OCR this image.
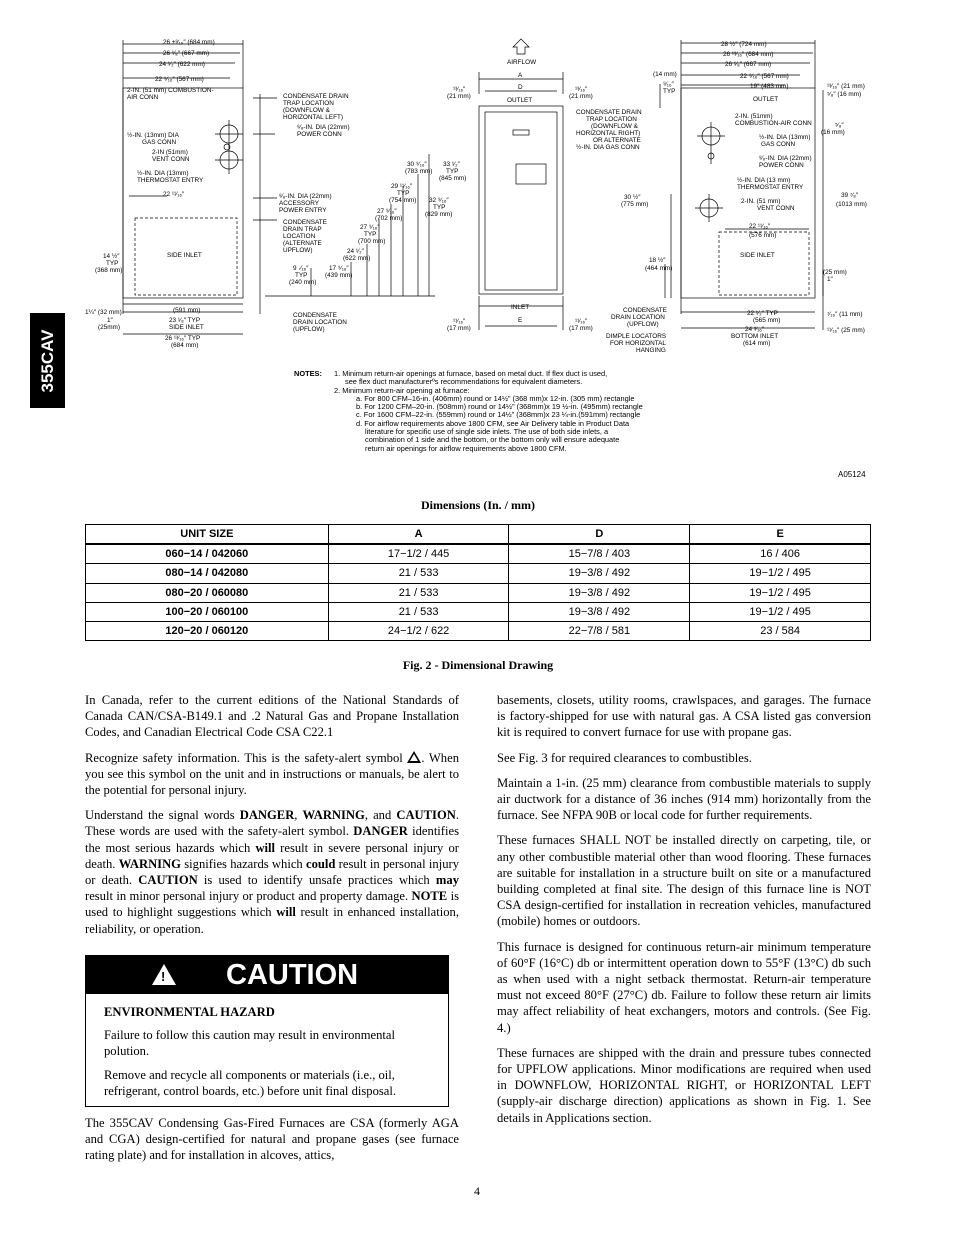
355CAV
26 ±³⁄₁₆″ (684 mm)
26 ¹⁄₈″ (667 mm)
24 ¹⁄₂″ (622 mm)
22 ⁹⁄₁₆″ (567 mm)
2-IN. (51 mm) COMBUSTION-
AIR CONN
½-IN. (13mm) DIA
GAS CONN
2-IN (51mm)
VENT CONN
½-IN. DIA (13mm)
THERMOSTAT ENTRY
22 ¹¹⁄₁₆″
CONDENSATE DRAIN
TRAP LOCATION
(DOWNFLOW &
HORIZONTAL LEFT)
⁸⁄₈-IN. DIA (22mm)
POWER CONN
⁸⁄₈-IN. DIA (22mm)
ACCESSORY
POWER ENTRY
CONDENSATE
DRAIN TRAP
LOCATION
(ALTERNATE
UPFLOW)
30 ⁹⁄₁₆″
(783 mm)
33 ¹⁄₂″
TYP
(845 mm)
29 ¹¹⁄₁₆″
TYP
(754 mm) 32 ⁹⁄₁₆″
TYP
(829 mm)
27 ⁹⁄₁₆″
(702 mm)
27 ⁹⁄₁₆″
TYP
(700 mm)
24 ¹⁄₂″
(622 mm)
9 ·⁄₁₆″
TYP
(240 mm)
17 ⁹⁄₁₆″
(439 mm)
14 ½″
TYP
(368 mm)
1¼″ (32 mm)
1″
(25mm)
SIDE INLET
(591 mm)
23 ¹⁄₈″ TYP
SIDE INLET
26 ¹³⁄₁₆″ TYP
(684 mm)
CONDENSATE
DRAIN LOCATION
(UPFLOW)
AIRFLOW
A
D
OUTLET
INLET
E
¹³⁄₁₆″
(21 mm)
¹³⁄₁₆″
(21 mm)
¹¹⁄₁₆″
(17 mm)
¹¹⁄₁₆″
(17 mm)
28 ½″ (724 mm)
26 ¹³⁄₁₆″ (684 mm)
26 ¹⁄₈″ (667 mm)
22 ⁹⁄₁₆″ (567 mm)
19″ (483 mm)
(14 mm)
⁹⁄₁₆″
TYP
OUTLET
¹³⁄₁₆″ (21 mm)
⁵⁄₈″ (16 mm)
⁵⁄₈″
(16 mm)
CONDENSATE DRAIN
TRAP LOCATION
(DOWNFLOW &
HORIZONTAL RIGHT)
OR ALTERNATE
½-IN. DIA GAS CONN
2-IN. (51mm)
COMBUSTION-AIR CONN
½-IN. DIA (13mm)
GAS CONN
⁸⁄₈-IN. DIA (22mm)
POWER CONN
½-IN. DIA (13 mm)
THERMOSTAT ENTRY
2-IN. (51 mm)
VENT CONN
30 ½″
(775 mm)
39 ⁷⁄₈″
(1013 mm)
22 ¹¹⁄₁₆″
(576 mm)
18 ½″
(464 mm)
SIDE INLET
(25 mm)
1″
⁷⁄₁₆″ (11 mm)
¹¹⁄₁₆″ (25 mm)
CONDENSATE
DRAIN LOCATION
(UPFLOW)
DIMPLE LOCATORS
FOR HORIZONTAL
HANGING
22 ¹⁄₂″ TYP
(565 mm)
24 ³⁄₁₆″
BOTTOM INLET
(614 mm)
NOTES: 1. Minimum return-air openings at furnace, based on metal duct. If flex duct is used,
see flex duct manufacturerºs recommendations for equivalent diameters.
2. Minimum return-air opening at furnace:
a. For 800 CFM–16-in. (406mm) round or 14½” (368 mm)x 12-in. (305 mm) rectangle
b. For 1200 CFM–20-in. (508mm) round or 14½” (368mm)x 19 ½-in. (495mm) rectangle
c. For 1600 CFM–22-in. (559mm) round or 14½” (368mm)x 23 ¼-in.(591mm) rectangle
d. For airflow requirements above 1800 CFM, see Air Delivery table in Product Data
literature for specific use of single side inlets. The use of both side inlets, a
combination of 1 side and the bottom, or the bottom only will ensure adequate
return air openings for airflow requirements above 1800 CFM.
A05124
Dimensions (In. / mm)
UNIT SIZE	A	D	E
060−14 / 042060	17−1/2 / 445	15−7/8 / 403	16 / 406
080−14 / 042080	21 / 533	19−3/8 / 492	19−1/2 / 495
080−20 / 060080	21 / 533	19−3/8 / 492	19−1/2 / 495
100−20 / 060100	21 / 533	19−3/8 / 492	19−1/2 / 495
120−20 / 060120	24−1/2 / 622	22−7/8 / 581	23 / 584
Fig. 2 ‐ Dimensional Drawing

In Canada, refer to the current editions of the National Standards of Canada CAN/CSA‐B149.1 and .2 Natural Gas and Propane Installation Codes, and Canadian Electrical Code CSA C22.1

Recognize safety information. This is the safety‐alert symbol . When you see this symbol on the unit and in instructions or manuals, be alert to the potential for personal injury.

Understand the signal words DANGER, WARNING, and CAUTION. These words are used with the safety‐alert symbol. DANGER identifies the most serious hazards which will result in severe personal injury or death. WARNING signifies hazards which could result in personal injury or death. CAUTION is used to identify unsafe practices which may result in minor personal injury or product and property damage. NOTE is used to highlight suggestions which will result in enhanced installation, reliability, or operation.

! CAUTION

ENVIRONMENTAL HAZARD

Failure to follow this caution may result in environmental polution.

Remove and recycle all components or materials (i.e., oil, refrigerant, control boards, etc.) before unit final disposal.

The 355CAV Condensing Gas‐Fired Furnaces are CSA (formerly AGA and CGA) design‐certified for natural and propane gases (see furnace rating plate) and for installation in alcoves, attics,

basements, closets, utility rooms, crawlspaces, and garages. The furnace is factory‐shipped for use with natural gas. A CSA listed gas conversion kit is required to convert furnace for use with propane gas.

See Fig. 3 for required clearances to combustibles.

Maintain a 1‐in. (25 mm) clearance from combustible materials to supply air ductwork for a distance of 36 inches (914 mm) horizontally from the furnace. See NFPA 90B or local code for further requirements.

These furnaces SHALL NOT be installed directly on carpeting, tile, or any other combustible material other than wood flooring. These furnaces are suitable for installation in a structure built on site or a manufactured building completed at final site. The design of this furnace line is NOT CSA design‐certified for installation in recreation vehicles, manufactured (mobile) homes or outdoors.

This furnace is designed for continuous return‐air minimum temperature of 60°F (16°C) db or intermittent operation down to 55°F (13°C) db such as when used with a night setback thermostat. Return‐air temperature must not exceed 80°F (27°C) db. Failure to follow these return air limits may affect reliability of heat exchangers, motors and controls. (See Fig. 4.)

These furnaces are shipped with the drain and pressure tubes connected for UPFLOW applications. Minor modifications are required when used in DOWNFLOW, HORIZONTAL RIGHT, or HORIZONTAL LEFT (supply‐air discharge direction) applications as shown in Fig. 1. See details in Applications section.

4
